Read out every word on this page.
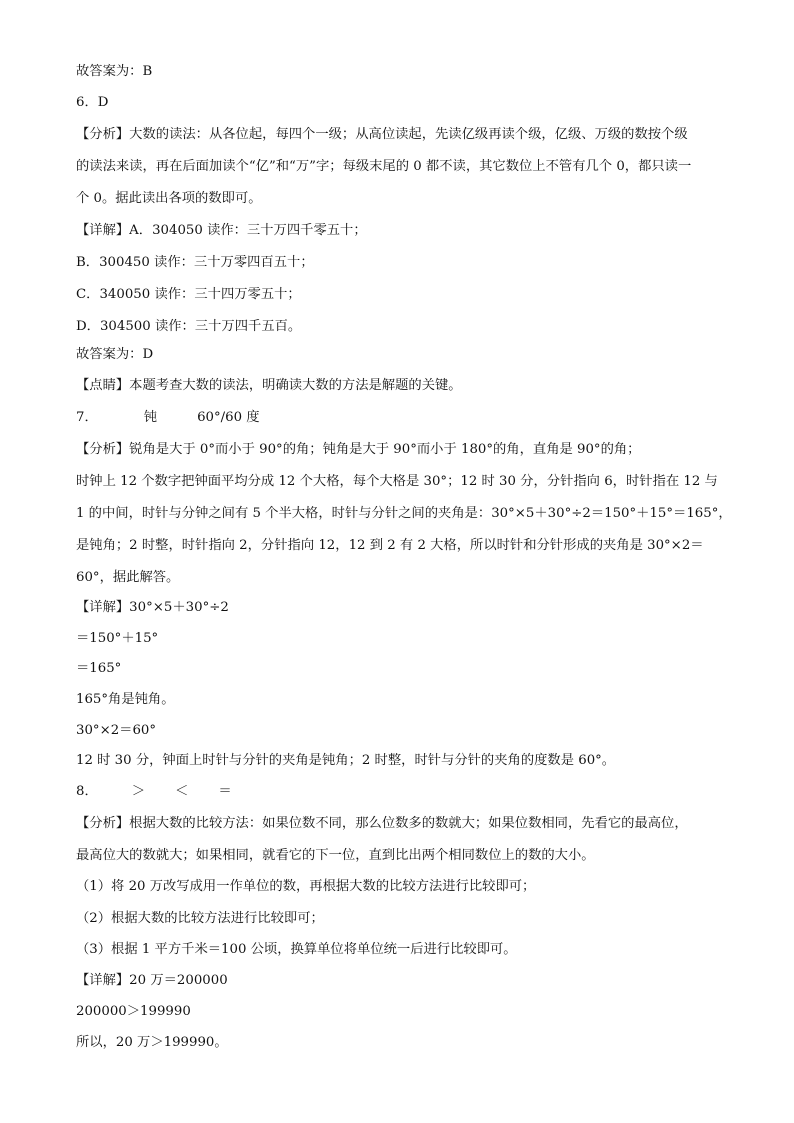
故答案为：B
6．D
【分析】大数的读法：从各位起，每四个一级；从高位读起，先读亿级再读个级，亿级、万级的数按个级
的读法来读，再在后面加读个“亿”和“万”字；每级末尾的 0 都不读，其它数位上不管有几个 0，都只读一
个 0。据此读出各项的数即可。
【详解】A．304050 读作：三十万四千零五十；
B．300450 读作：三十万零四百五十；
C．340050 读作：三十四万零五十；
D．304500 读作：三十万四千五百。
故答案为：D
【点睛】本题考查大数的读法，明确读大数的方法是解题的关键。
7．	钝	60°/60 度
【分析】锐角是大于 0°而小于 90°的角；钝角是大于 90°而小于 180°的角，直角是 90°的角；
时钟上 12 个数字把钟面平均分成 12 个大格，每个大格是 30°；12 时 30 分，分针指向 6，时针指在 12 与
1 的中间，时针与分钟之间有 5 个半大格，时针与分针之间的夹角是：30°×5＋30°÷2＝150°＋15°＝165°，
是钝角；2 时整，时针指向 2，分针指向 12，12 到 2 有 2 大格，所以时针和分针形成的夹角是 30°×2＝
60°，据此解答。
【详解】30°×5＋30°÷2
＝150°＋15°
＝165°
165°角是钝角。
30°×2＝60°
12 时 30 分，钟面上时针与分针的夹角是钝角；2 时整，时针与分针的夹角的度数是 60°。
8．	＞ ＜ ＝
【分析】根据大数的比较方法：如果位数不同，那么位数多的数就大；如果位数相同，先看它的最高位，
最高位大的数就大；如果相同，就看它的下一位，直到比出两个相同数位上的数的大小。
（1）将 20 万改写成用一作单位的数，再根据大数的比较方法进行比较即可；
（2）根据大数的比较方法进行比较即可；
（3）根据 1 平方千米＝100 公顷，换算单位将单位统一后进行比较即可。
【详解】20 万＝200000
200000＞199990
所以，20 万＞199990。
